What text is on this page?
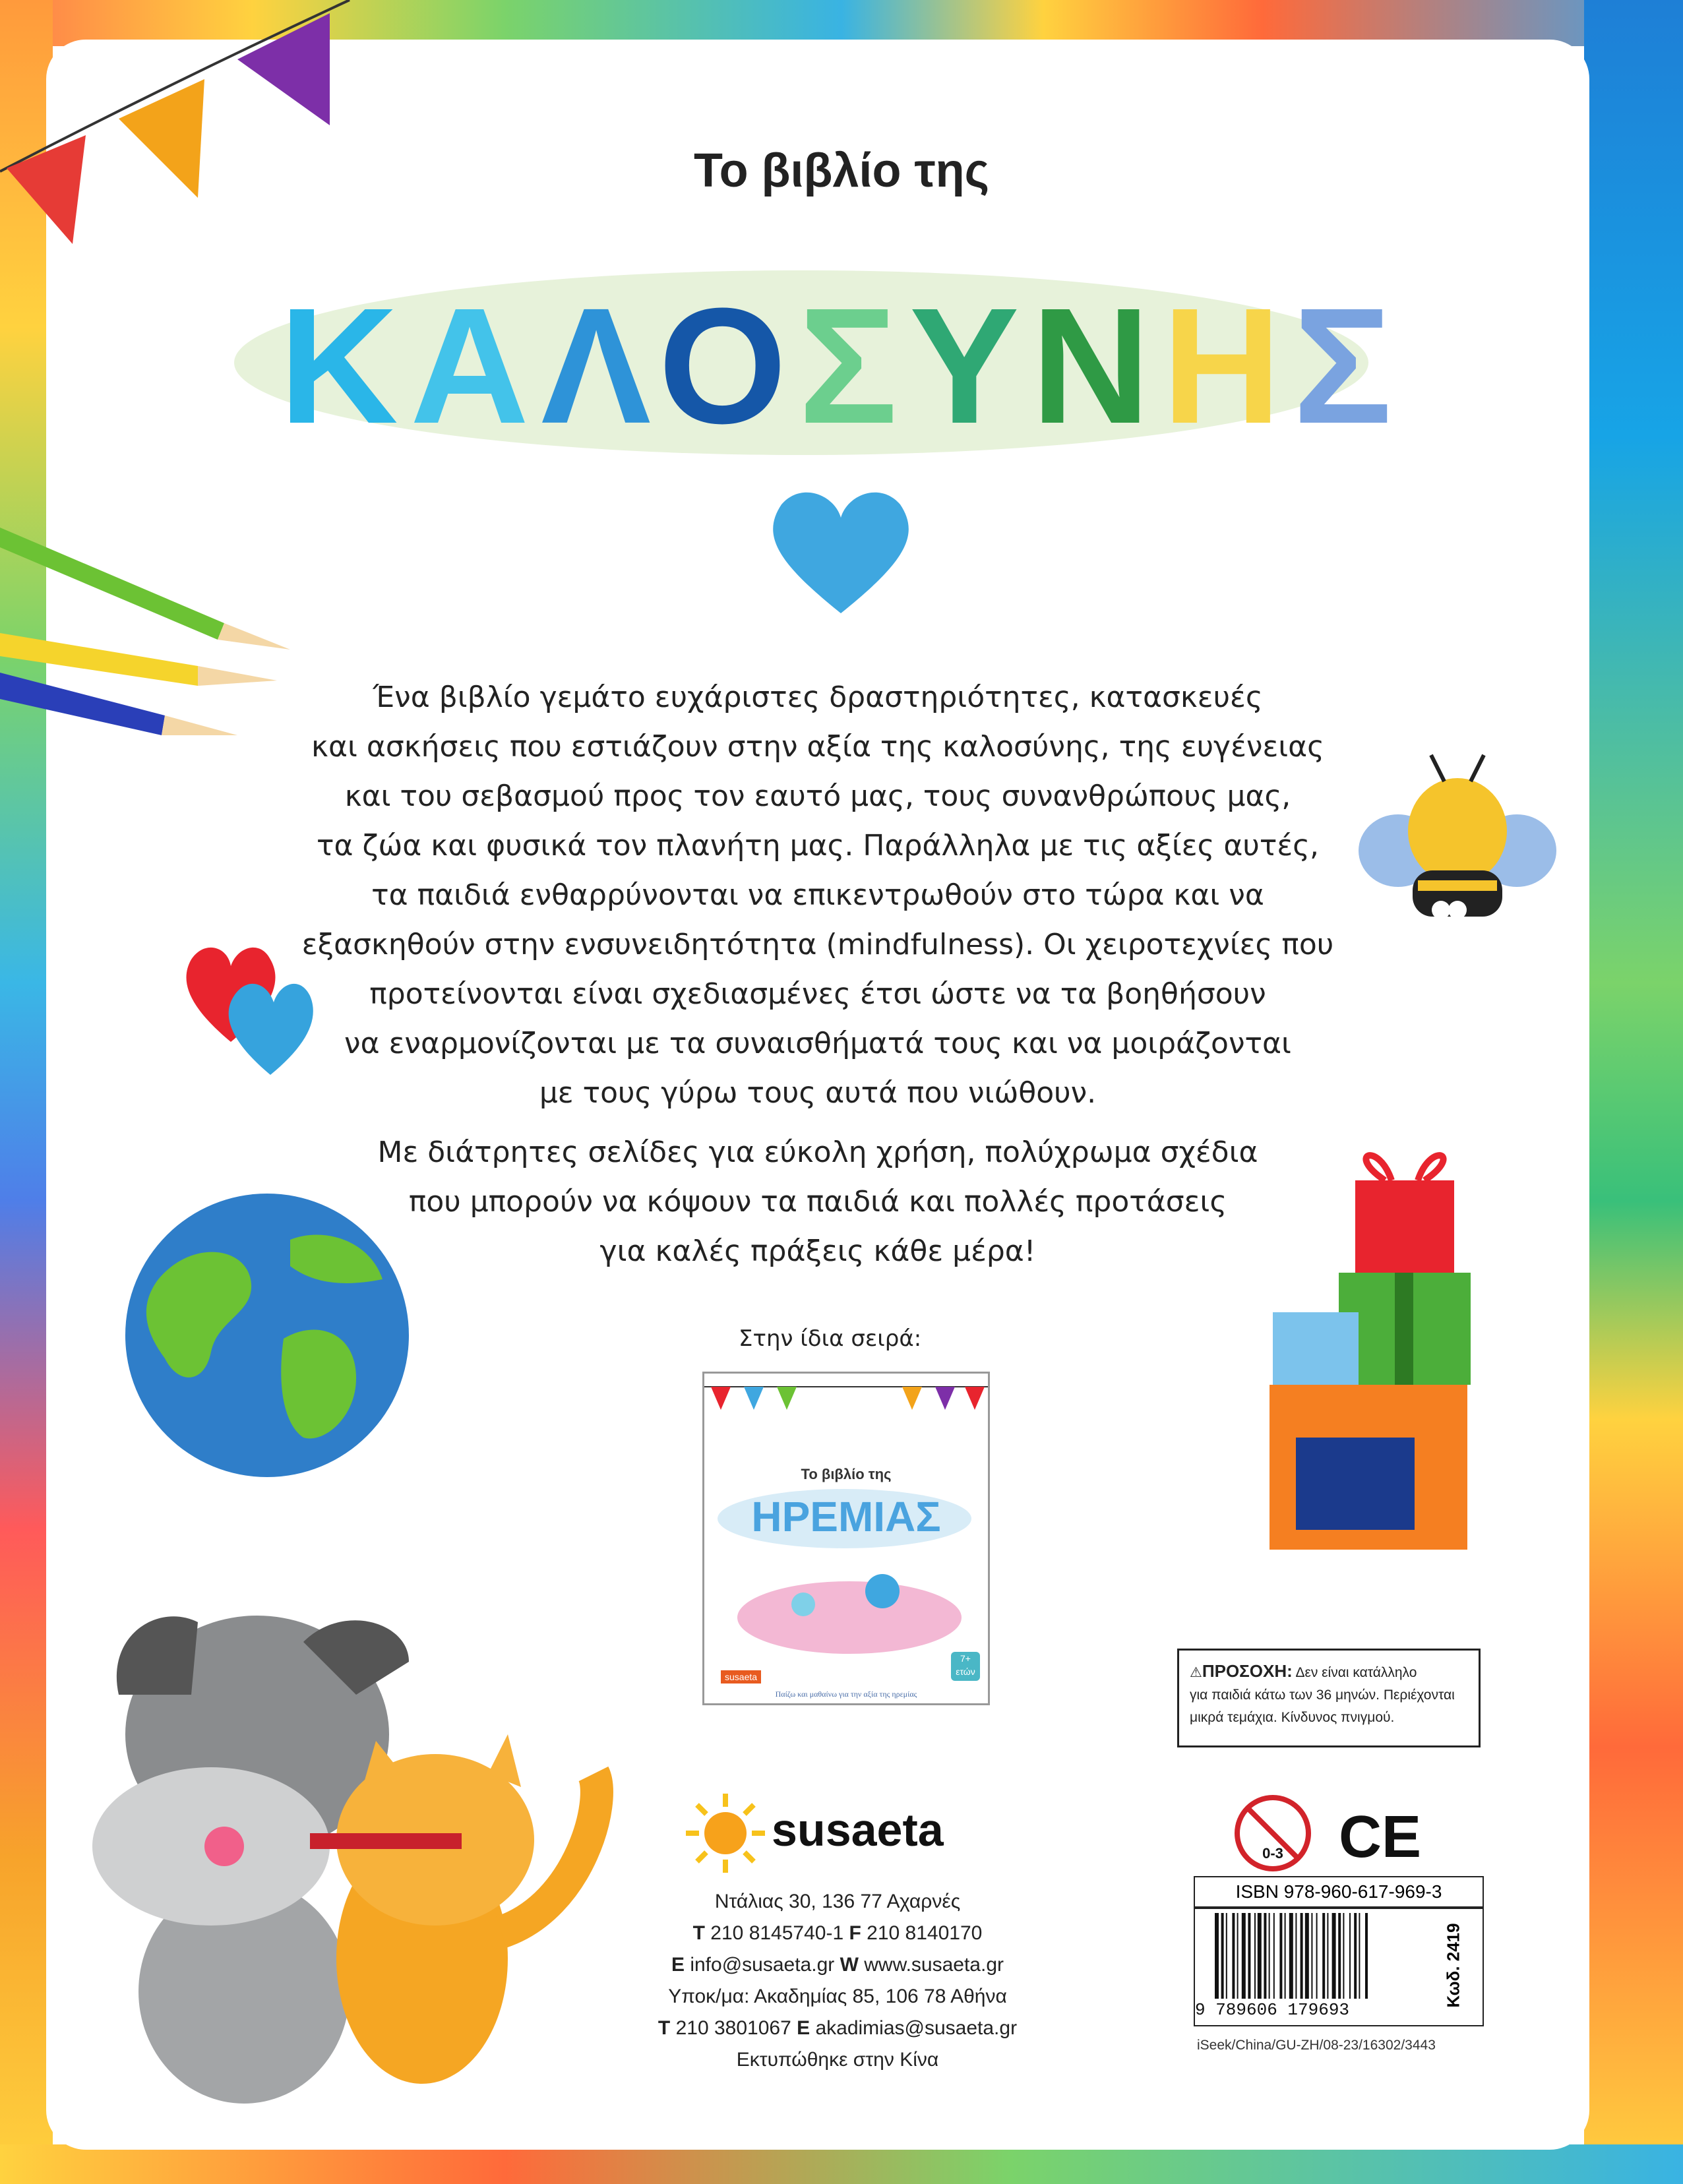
Το βιβλίο της
ΚΑΛΟΣΥΝΗΣ
Ένα βιβλίο γεμάτο ευχάριστες δραστηριότητες, κατασκευές
και ασκήσεις που εστιάζουν στην αξία της καλοσύνης, της ευγένειας
και του σεβασμού προς τον εαυτό μας, τους συνανθρώπους μας,
τα ζώα και φυσικά τον πλανήτη μας. Παράλληλα με τις αξίες αυτές,
τα παιδιά ενθαρρύνονται να επικεντρωθούν στο τώρα και να
εξασκηθούν στην ενσυνειδητότητα (mindfulness). Οι χειροτεχνίες που
προτείνονται είναι σχεδιασμένες έτσι ώστε να τα βοηθήσουν
να εναρμονίζονται με τα συναισθήματά τους και να μοιράζονται
με τους γύρω τους αυτά που νιώθουν.
Με διάτρητες σελίδες για εύκολη χρήση, πολύχρωμα σχέδια
που μπορούν να κόψουν τα παιδιά και πολλές προτάσεις
για καλές πράξεις κάθε μέρα!
Στην ίδια σειρά:
Το βιβλίο της
ΗΡΕΜΙΑΣ
susaeta
7+ ετών
Παίζω και μαθαίνω για την αξία της ηρεμίας
⚠ΠΡΟΣΟΧΗ: Δεν είναι κατάλληλο
για παιδιά κάτω των 36 μηνών. Περιέχονται
μικρά τεμάχια. Κίνδυνος πνιγμού.
susaeta
Ντάλιας 30, 136 77 Αχαρνές
T 210 8145740-1 F 210 8140170
E info@susaeta.gr W www.susaeta.gr
Υποκ/μα: Ακαδημίας 85, 106 78 Αθήνα
T 210 3801067 E akadimias@susaeta.gr
Εκτυπώθηκε στην Κίνα
0-3 CE
ISBN 978-960-617-969-3
9 789606 179693
Κωδ. 2419
iSeek/China/GU-ZH/08-23/16302/3443
